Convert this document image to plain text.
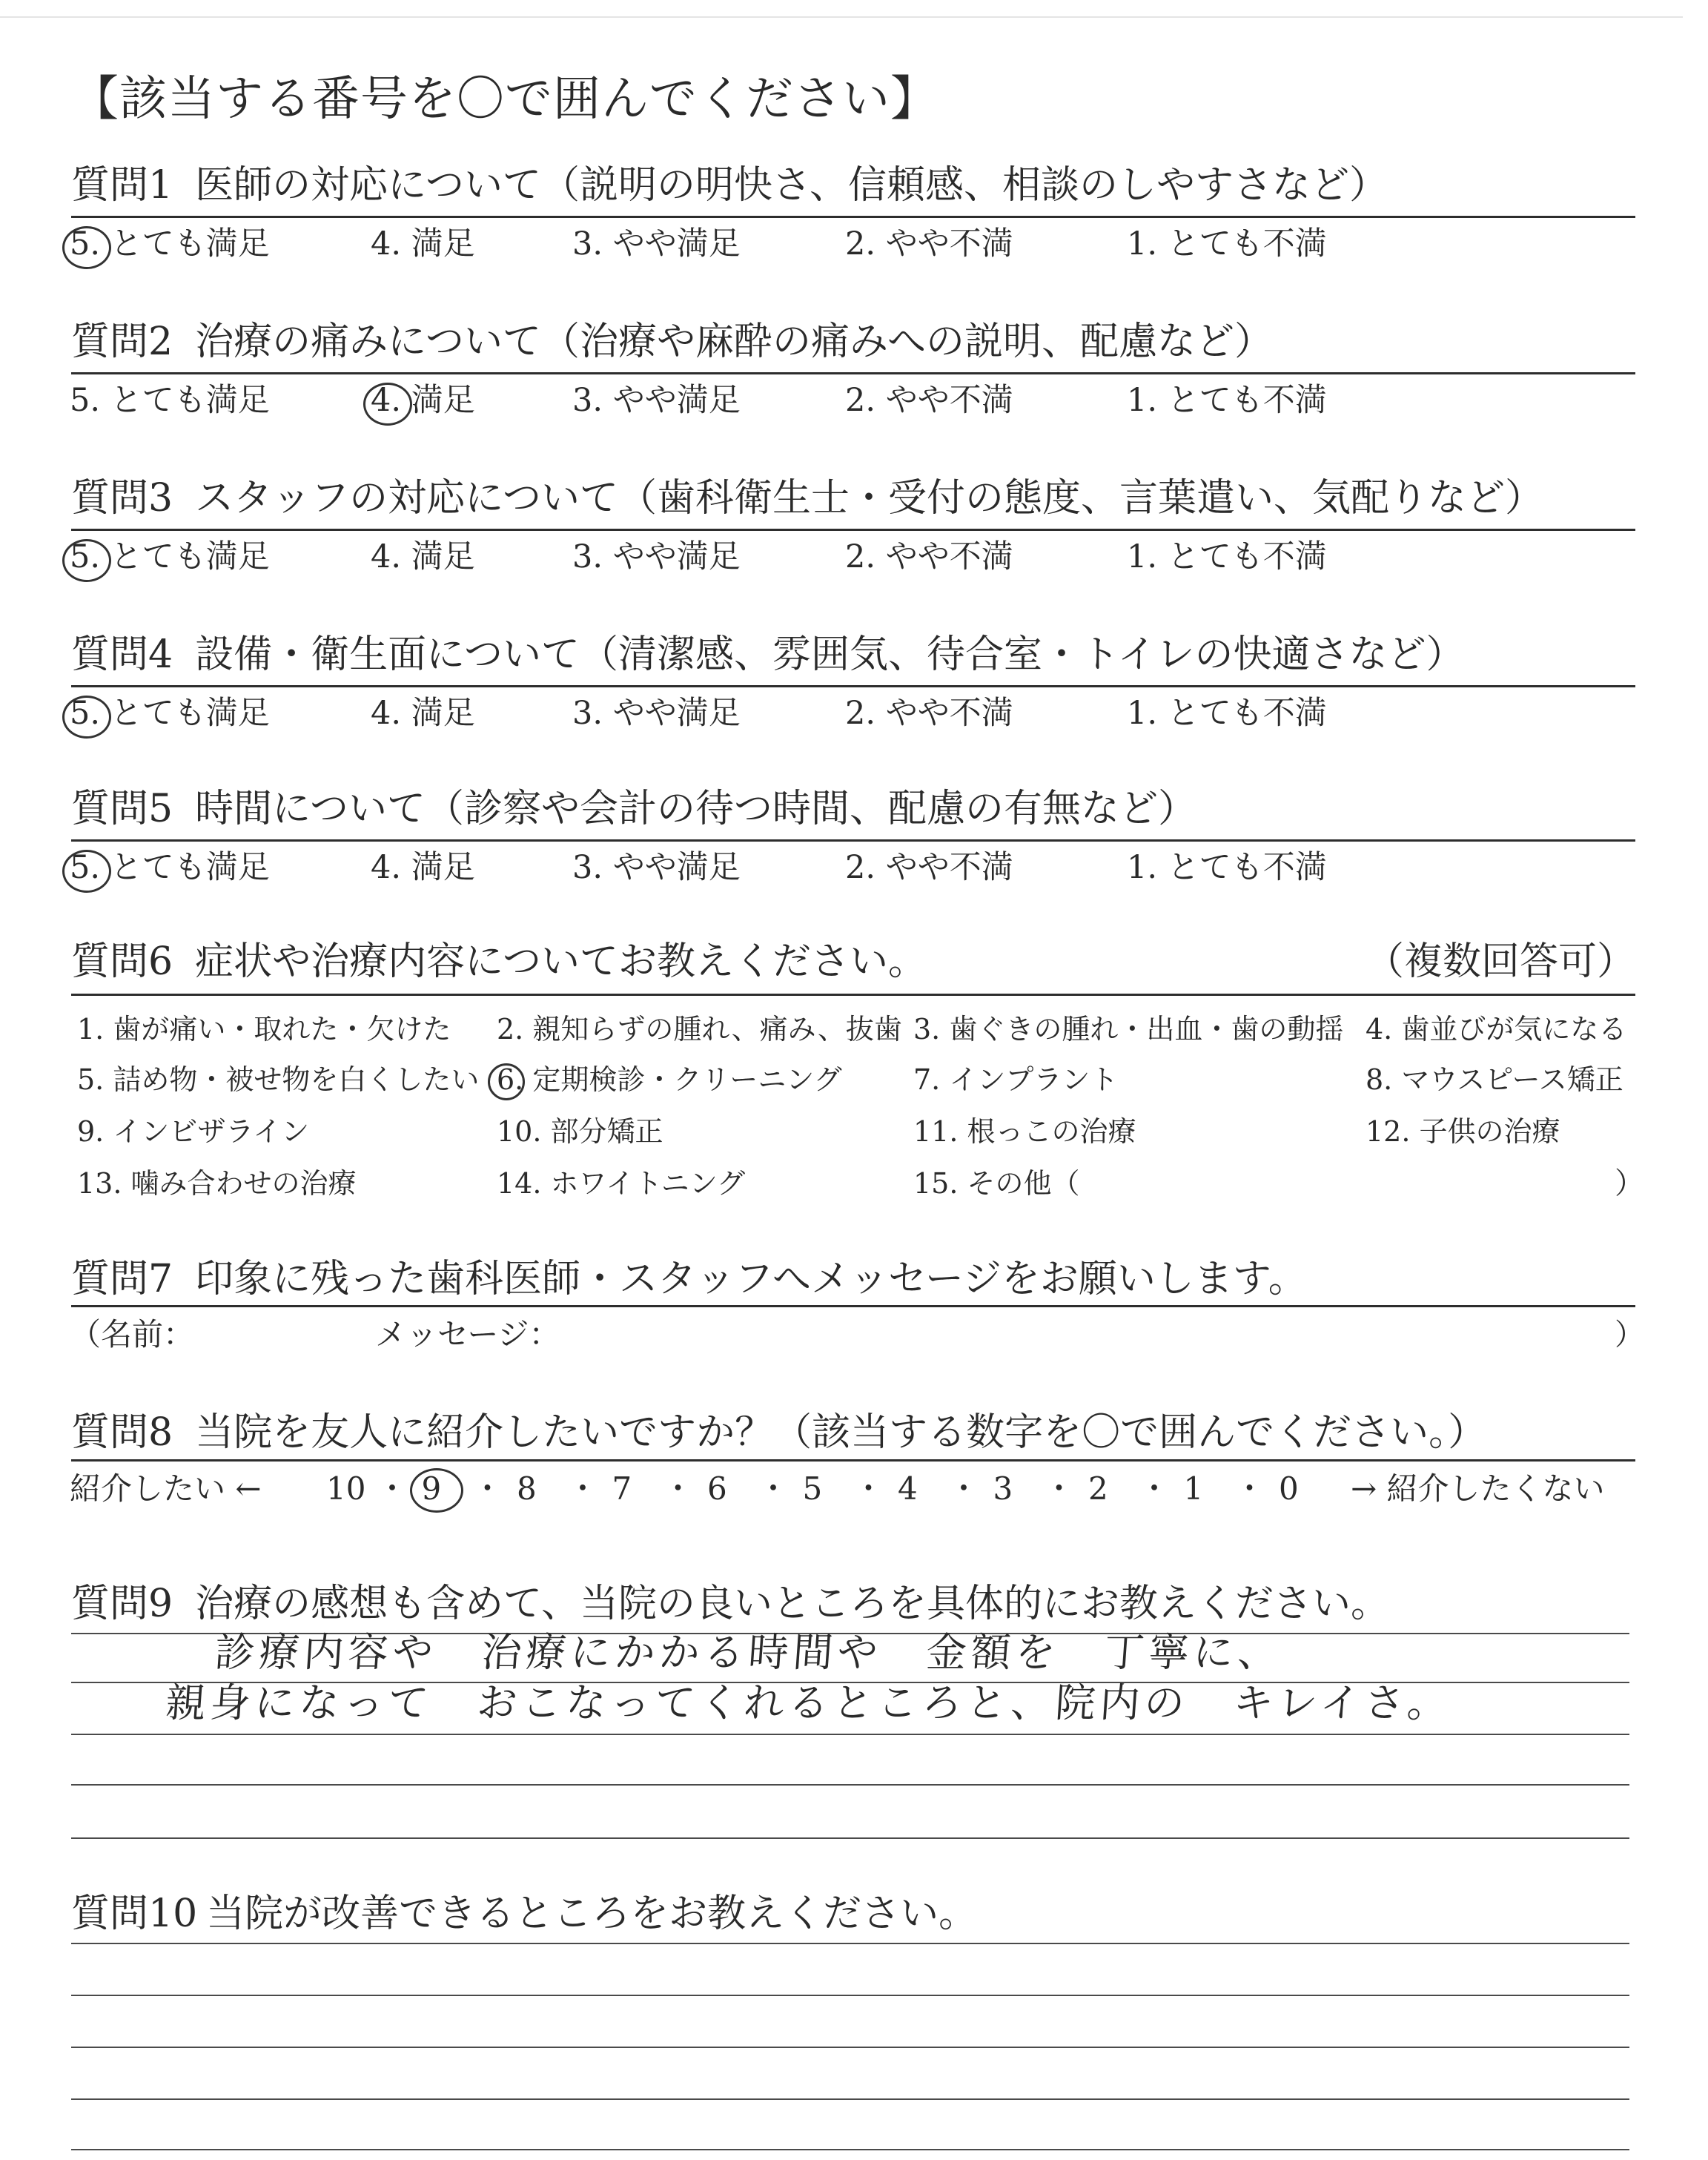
【該当する番号を〇で囲んでください】
質問1 医師の対応について（説明の明快さ、信頼感、相談のしやすさなど）
5. とても満足	4. 満足	3. やや満足	2. やや不満	1. とても不満
質問2 治療の痛みについて（治療や麻酔の痛みへの説明、配慮など）
5. とても満足	4. 満足	3. やや満足	2. やや不満	1. とても不満
質問3 スタッフの対応について（歯科衛生士・受付の態度、言葉遣い、気配りなど）
5. とても満足	4. 満足	3. やや満足	2. やや不満	1. とても不満
質問4 設備・衛生面について（清潔感、雰囲気、待合室・トイレの快適さなど）
5. とても満足	4. 満足	3. やや満足	2. やや不満	1. とても不満
質問5 時間について（診察や会計の待つ時間、配慮の有無など）
5. とても満足	4. 満足	3. やや満足	2. やや不満	1. とても不満
質問6 症状や治療内容についてお教えください。	（複数回答可）
1. 歯が痛い・取れた・欠けた 2. 親知らずの腫れ、痛み、抜歯 3. 歯ぐきの腫れ・出血・歯の動揺 4. 歯並びが気になる
5. 詰め物・被せ物を白くしたい 6. 定期検診・クリーニング	7. インプラント	8. マウスピース矯正
9. インビザライン	10. 部分矯正	11. 根っこの治療	12. 子供の治療
13. 噛み合わせの治療	14. ホワイトニング	15. その他（	）
質問7 印象に残った歯科医師・スタッフへメッセージをお願いします。
（名前：	メッセージ：	）
質問8 当院を友人に紹介したいですか？（該当する数字を〇で囲んでください。）
紹介したい ←	→ 紹介したくない
10 ・ 9 ・ 8 ・ 7 ・ 6 ・ 5 ・ 4 ・ 3 ・ 2 ・ 1 ・ 0
質問9 治療の感想も含めて、当院の良いところを具体的にお教えください。
診療内容や　治療にかかる時間や　金額を　丁寧に、
親身になって　おこなってくれるところと、院内の　キレイさ。
質問10 当院が改善できるところをお教えください。
